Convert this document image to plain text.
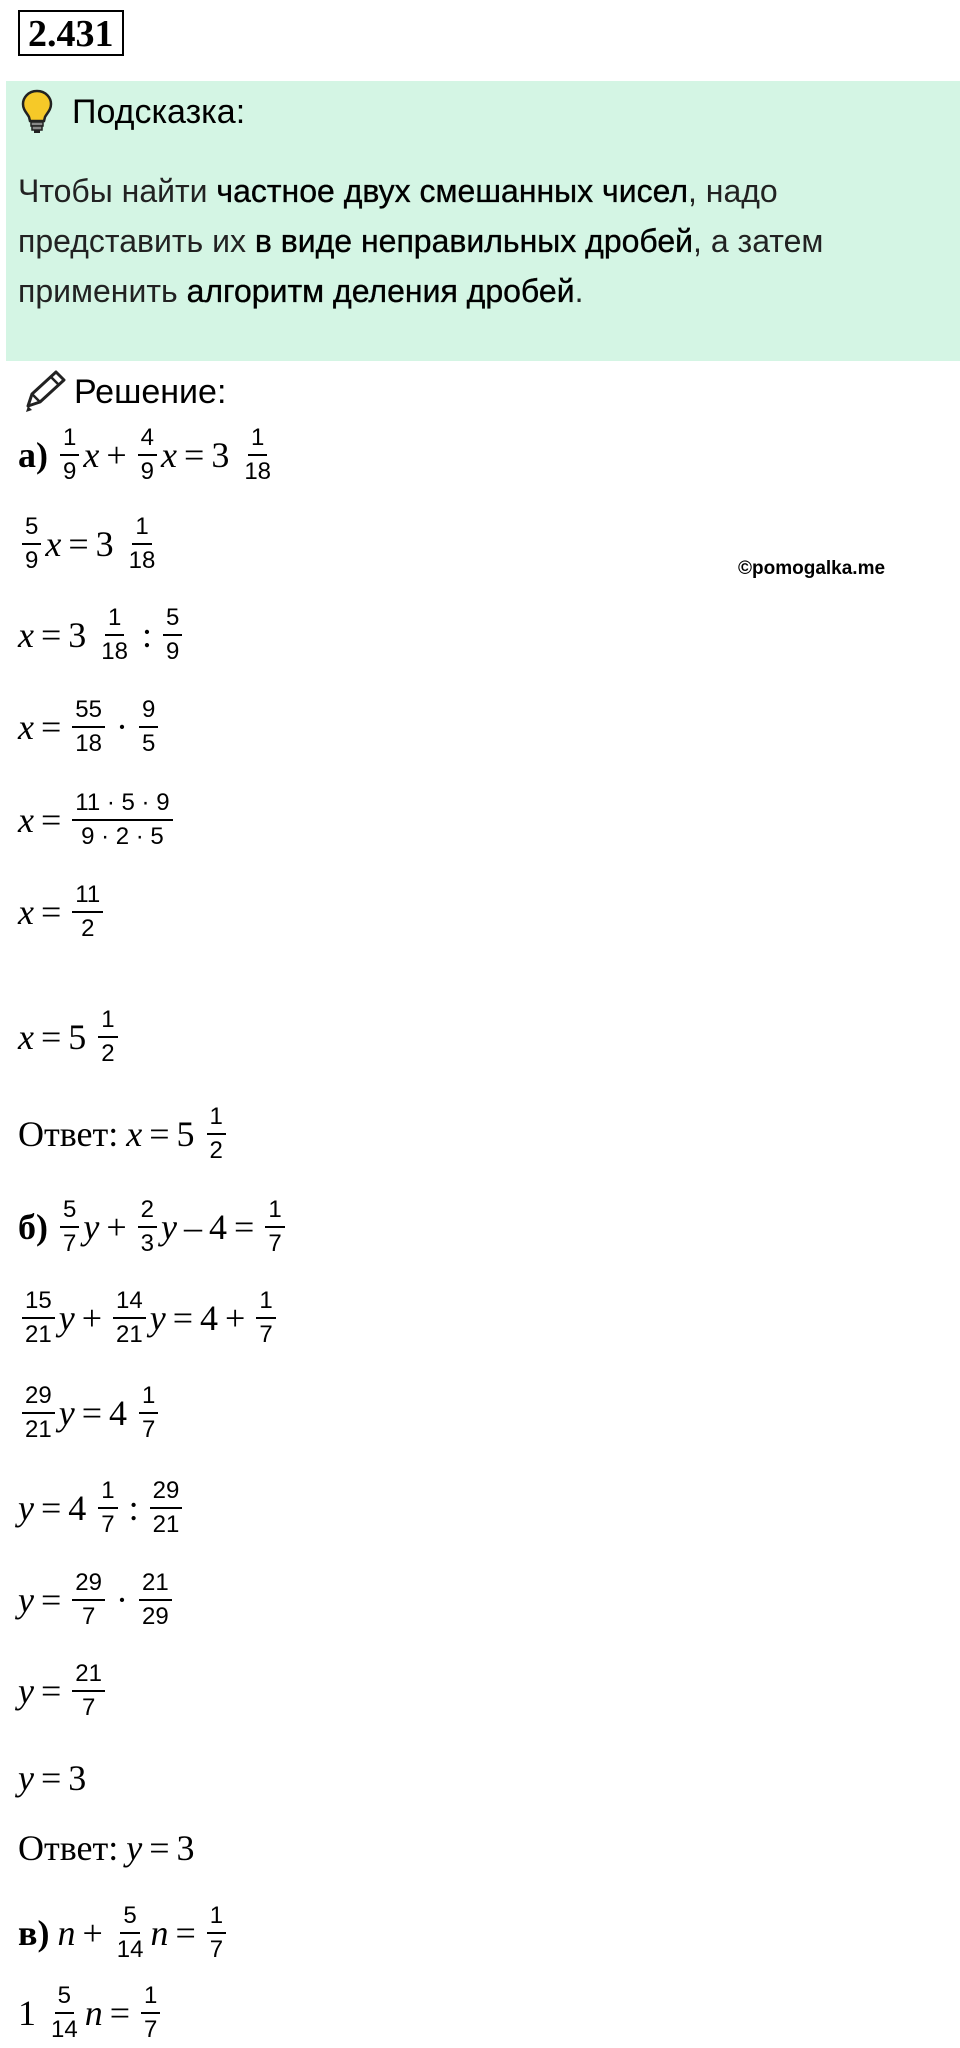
2.431
Подсказка:
Чтобы найти частное двух смешанных чисел, надо представить их в виде неправильных дробей, а затем применить алгоритм деления дробей.
Решение:
©pomogalka.me
$а) \frac{1}{9}$ $x + \frac{4}{9}$ $x = 3 \frac{1}{18}$
$\frac{5}{9}$ $x = 3 \frac{1}{18}$
$x = 3 \frac{1}{18}$ : $\frac{5}{9}$
$x = \frac{55}{18} \cdot \frac{9}{5}$
$x = \frac{11 \cdot 5 \cdot 9}{9 \cdot 2 \cdot 5}$
$x = \frac{11}{2}$
$x = 5 \frac{1}{2}$
Ответ: $x = 5 \frac{1}{2}$
$б) \frac{5}{7}$ $y + \frac{2}{3}$ $y - 4 = \frac{1}{7}$
$\frac{15}{21}$ $y + \frac{14}{21}$ $y = 4 + \frac{1}{7}$
$\frac{29}{21}$ $y = 4 \frac{1}{7}$
$y = 4 \frac{1}{7}$ : $\frac{29}{21}$
$y = \frac{29}{7} \cdot \frac{21}{29}$
$y = \frac{21}{7}$
y = 3
Ответ: y = 3
в) $n + \frac{5}{14}$ $n = \frac{1}{7}$
$1 \frac{5}{14}$ $n = \frac{1}{7}$
